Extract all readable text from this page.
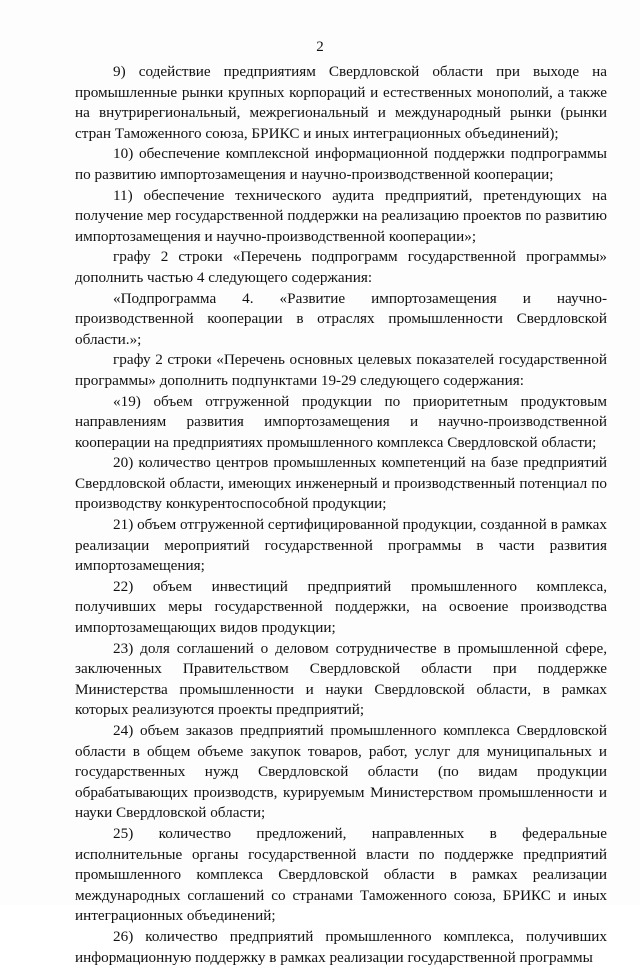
2

9) содействие предприятиям Свердловской области при выходе на промышленные рынки крупных корпораций и естественных монополий, а также на внутрирегиональный, межрегиональный и международный рынки (рынки стран Таможенного союза, БРИКС и иных интеграционных объединений);

10) обеспечение комплексной информационной поддержки подпрограммы по развитию импортозамещения и научно-производственной кооперации;

11) обеспечение технического аудита предприятий, претендующих на получение мер государственной поддержки на реализацию проектов по развитию импортозамещения и научно-производственной кооперации»;

графу 2 строки «Перечень подпрограмм государственной программы» дополнить частью 4 следующего содержания:

«Подпрограмма 4. «Развитие импортозамещения и научно-производственной кооперации в отраслях промышленности Свердловской области.»;

графу 2 строки «Перечень основных целевых показателей государственной программы» дополнить подпунктами 19-29 следующего содержания:

«19) объем отгруженной продукции по приоритетным продуктовым направлениям развития импортозамещения и научно-производственной кооперации на предприятиях промышленного комплекса Свердловской области;

20) количество центров промышленных компетенций на базе предприятий Свердловской области, имеющих инженерный и производственный потенциал по производству конкурентоспособной продукции;

21) объем отгруженной сертифицированной продукции, созданной в рамках реализации мероприятий государственной программы в части развития импортозамещения;

22) объем инвестиций предприятий промышленного комплекса, получивших меры государственной поддержки, на освоение производства импортозамещающих видов продукции;

23) доля соглашений о деловом сотрудничестве в промышленной сфере, заключенных Правительством Свердловской области при поддержке Министерства промышленности и науки Свердловской области, в рамках которых реализуются проекты предприятий;

24) объем заказов предприятий промышленного комплекса Свердловской области в общем объеме закупок товаров, работ, услуг для муниципальных и государственных нужд Свердловской области (по видам продукции обрабатывающих производств, курируемым Министерством промышленности и науки Свердловской области;

25) количество предложений, направленных в федеральные исполнительные органы государственной власти по поддержке предприятий промышленного комплекса Свердловской области в рамках реализации международных соглашений со странами Таможенного союза, БРИКС и иных интеграционных объединений;

26) количество предприятий промышленного комплекса, получивших информационную поддержку в рамках реализации государственной программы
